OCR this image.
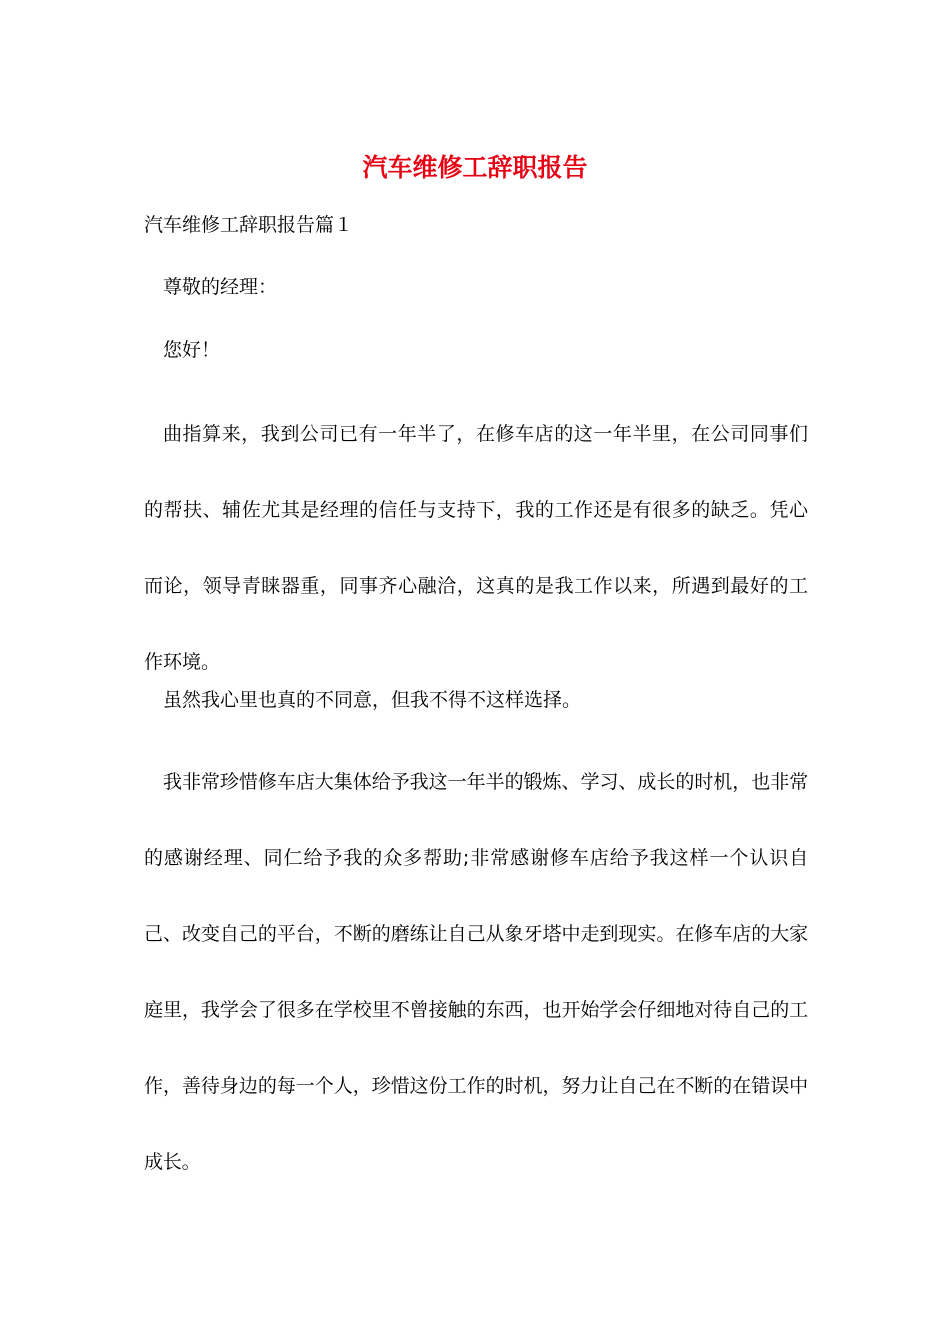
汽车维修工辞职报告

汽车维修工辞职报告篇１

尊敬的经理：

您好！

曲指算来，我到公司已有一年半了，在修车店的这一年半里，在公司同事们的帮扶、辅佐尤其是经理的信任与支持下，我的工作还是有很多的缺乏。凭心而论，领导青睐器重，同事齐心融洽，这真的是我工作以来，所遇到最好的工作环境。

虽然我心里也真的不同意，但我不得不这样选择。

我非常珍惜修车店大集体给予我这一年半的锻炼、学习、成长的时机，也非常的感谢经理、同仁给予我的众多帮助;非常感谢修车店给予我这样一个认识自己、改变自己的平台，不断的磨练让自己从象牙塔中走到现实。在修车店的大家庭里，我学会了很多在学校里不曾接触的东西，也开始学会仔细地对待自己的工作，善待身边的每一个人，珍惜这份工作的时机，努力让自己在不断的在错误中成长。
